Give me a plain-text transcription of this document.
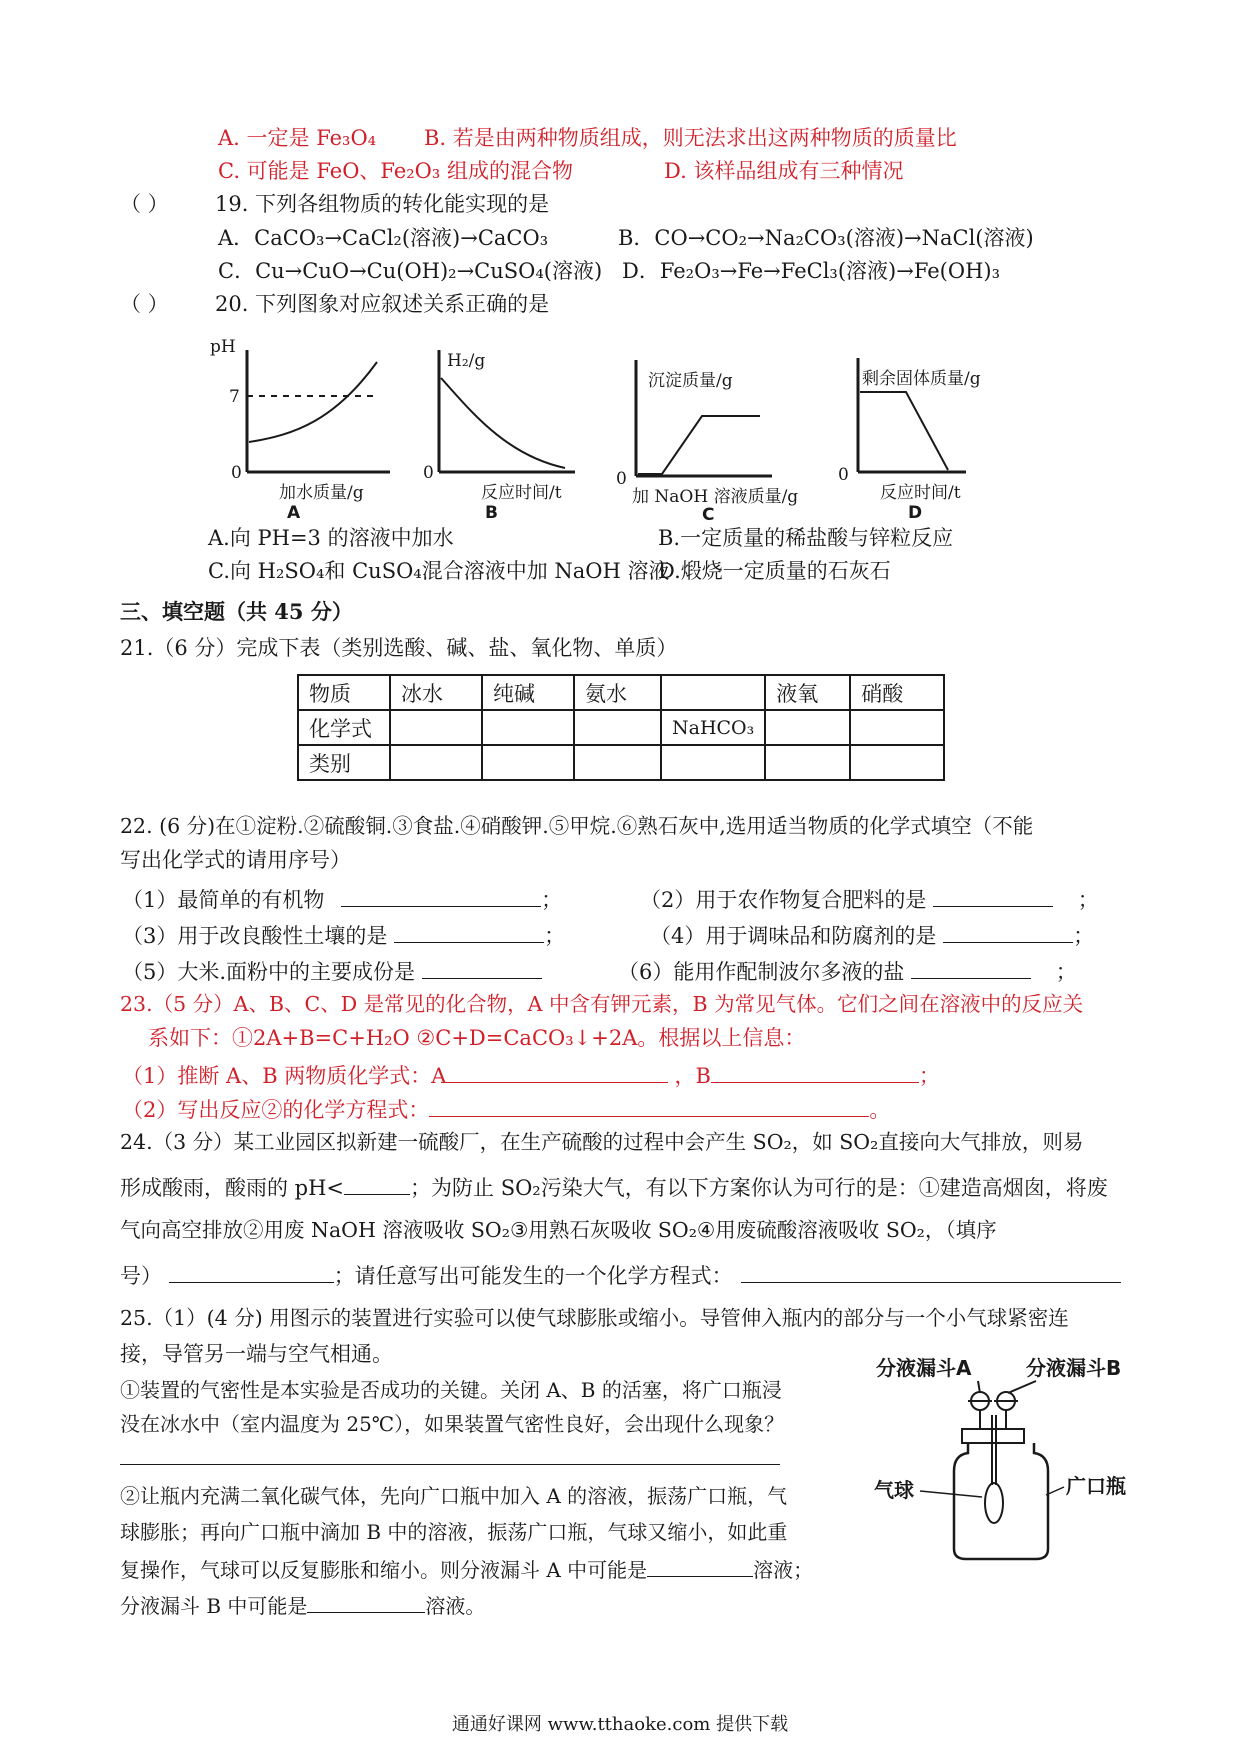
A. 一定是 Fe₃O₄ B. 若是由两种物质组成，则无法求出这两种物质的质量比
C. 可能是 FeO、Fe₂O₃ 组成的混合物	D. 该样品组成有三种情况
（ ） 19. 下列各组物质的转化能实现的是
A．CaCO₃→CaCl₂(溶液)→CaCO₃	B．CO→CO₂→Na₂CO₃(溶液)→NaCl(溶液)
C．Cu→CuO→Cu(OH)₂→CuSO₄(溶液) D．Fe₂O₃→Fe→FeCl₃(溶液)→Fe(OH)₃
（ ） 20. 下列图象对应叙述关系正确的是
pH
7
0
加水质量/g
A
H₂/g
0
反应时间/t
B
沉淀质量/g
0
加 NaOH 溶液质量/g
C
剩余固体质量/g
0
反应时间/t
D
A.向 PH=3 的溶液中加水	B.一定质量的稀盐酸与锌粒反应
C.向 H₂SO₄和 CuSO₄混合溶液中加 NaOH 溶液
D.煅烧一定质量的石灰石
三、填空题（共 45 分）
21.（6 分）完成下表（类别选酸、碱、盐、氧化物、单质）
物质	冰水	纯碱	氨水		液氧	硝酸
化学式				NaHCO₃		
类别						
22. (6 分)在①淀粉.②硫酸铜.③食盐.④硝酸钾.⑤甲烷.⑥熟石灰中,选用适当物质的化学式填空（不能
写出化学式的请用序号）
（1）最简单的有机物	；	（2）用于农作物复合肥料的是	；
（3）用于改良酸性土壤的是	；	（4）用于调味品和防腐剂的是	；
（5）大米.面粉中的主要成份是	（6）能用作配制波尔多液的盐	；
23.（5 分）A、B、C、D 是常见的化合物，A 中含有钾元素，B 为常见气体。它们之间在溶液中的反应关
系如下：①2A+B=C+H₂O ②C+D=CaCO₃↓+2A。根据以上信息：
（1）推断 A、B 两物质化学式：A	，B	；
（2）写出反应②的化学方程式：	。
24.（3 分）某工业园区拟新建一硫酸厂，在生产硫酸的过程中会产生 SO₂，如 SO₂直接向大气排放，则易
形成酸雨，酸雨的 pH<	；为防止 SO₂污染大气，有以下方案你认为可行的是：①建造高烟囱，将废
气向高空排放②用废 NaOH 溶液吸收 SO₂③用熟石灰吸收 SO₂④用废硫酸溶液吸收 SO₂，（填序
号）	；请任意写出可能发生的一个化学方程式：
25.（1）(4 分) 用图示的装置进行实验可以使气球膨胀或缩小。导管伸入瓶内的部分与一个小气球紧密连
接，导管另一端与空气相通。
①装置的气密性是本实验是否成功的关键。关闭 A、B 的活塞，将广口瓶浸
没在冰水中（室内温度为 25℃），如果装置气密性良好，会出现什么现象？
②让瓶内充满二氧化碳气体，先向广口瓶中加入 A 的溶液，振荡广口瓶，气
球膨胀；再向广口瓶中滴加 B 中的溶液，振荡广口瓶，气球又缩小，如此重
复操作，气球可以反复膨胀和缩小。则分液漏斗 A 中可能是	溶液；
分液漏斗 B 中可能是	溶液。
分液漏斗A	分液漏斗B
气球	广口瓶
通通好课网 www.tthaoke.com 提供下载
